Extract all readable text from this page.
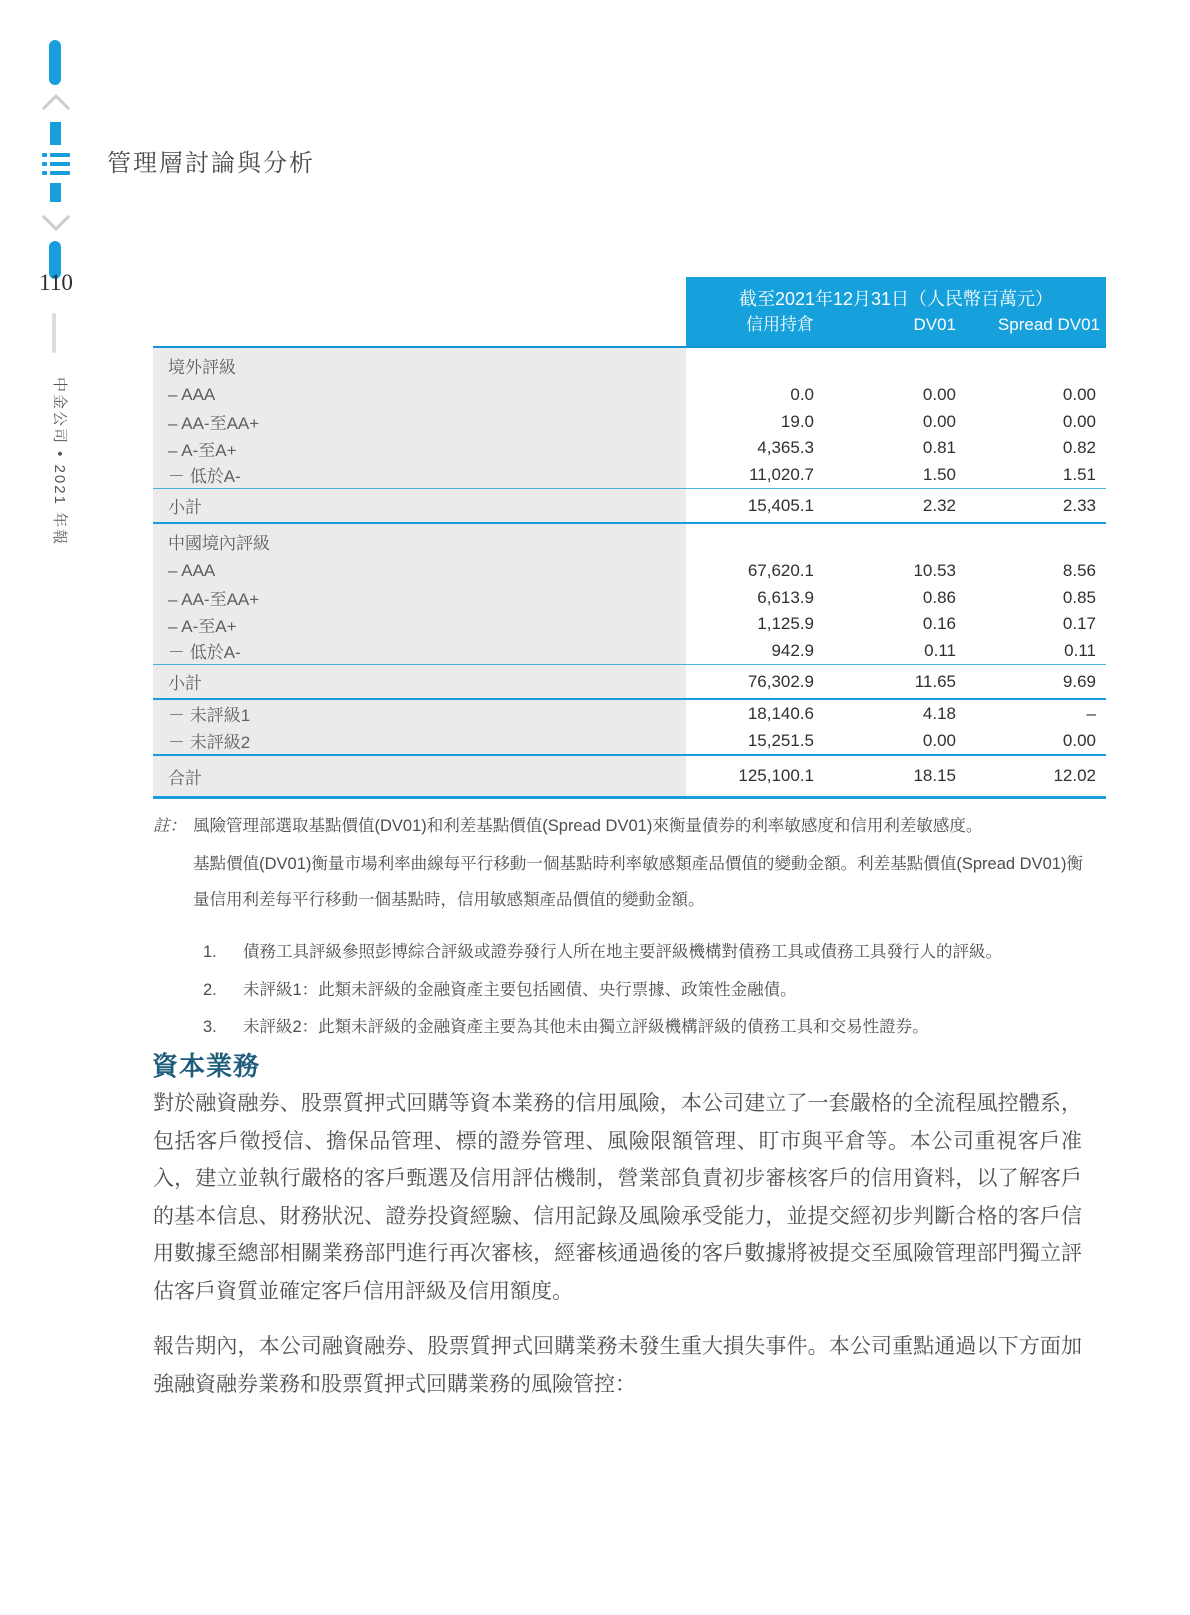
110
中金公司 • 2021 年報
管理層討論與分析
截至2021年12月31日（人民幣百萬元）
信用持倉	DV01	Spread DV01
境外評級
– AAA	0.0	0.00	0.00
– AA-至AA+	19.0	0.00	0.00
– A-至A+	4,365.3	0.81	0.82
－ 低於A-	11,020.7	1.50	1.51
小計	15,405.1	2.32	2.33
中國境內評級
– AAA	67,620.1	10.53	8.56
– AA-至AA+	6,613.9	0.86	0.85
– A-至A+	1,125.9	0.16	0.17
－ 低於A-	942.9	0.11	0.11
小計	76,302.9	11.65	9.69
－ 未評級1	18,140.6	4.18	–
－ 未評級2	15,251.5	0.00	0.00
合計	125,100.1	18.15	12.02
註： 風險管理部選取基點價值(DV01)和利差基點價值(Spread DV01)來衡量債券的利率敏感度和信用利差敏感度。
基點價值(DV01)衡量市場利率曲線每平行移動一個基點時利率敏感類產品價值的變動金額。利差基點價值(Spread DV01)衡量信用利差每平行移動一個基點時，信用敏感類產品價值的變動金額。
1.	債務工具評級參照彭博綜合評級或證券發行人所在地主要評級機構對債務工具或債務工具發行人的評級。
2.	未評級1：此類未評級的金融資產主要包括國債、央行票據、政策性金融債。
3.	未評級2：此類未評級的金融資產主要為其他未由獨立評級機構評級的債務工具和交易性證券。
資本業務

對於融資融券、股票質押式回購等資本業務的信用風險，本公司建立了一套嚴格的全流程風控體系，包括客戶徵授信、擔保品管理、標的證券管理、風險限額管理、盯市與平倉等。本公司重視客戶准入，建立並執行嚴格的客戶甄選及信用評估機制，營業部負責初步審核客戶的信用資料，以了解客戶的基本信息、財務狀況、證券投資經驗、信用記錄及風險承受能力，並提交經初步判斷合格的客戶信用數據至總部相關業務部門進行再次審核，經審核通過後的客戶數據將被提交至風險管理部門獨立評估客戶資質並確定客戶信用評級及信用額度。

報告期內，本公司融資融券、股票質押式回購業務未發生重大損失事件。本公司重點通過以下方面加強融資融券業務和股票質押式回購業務的風險管控：
